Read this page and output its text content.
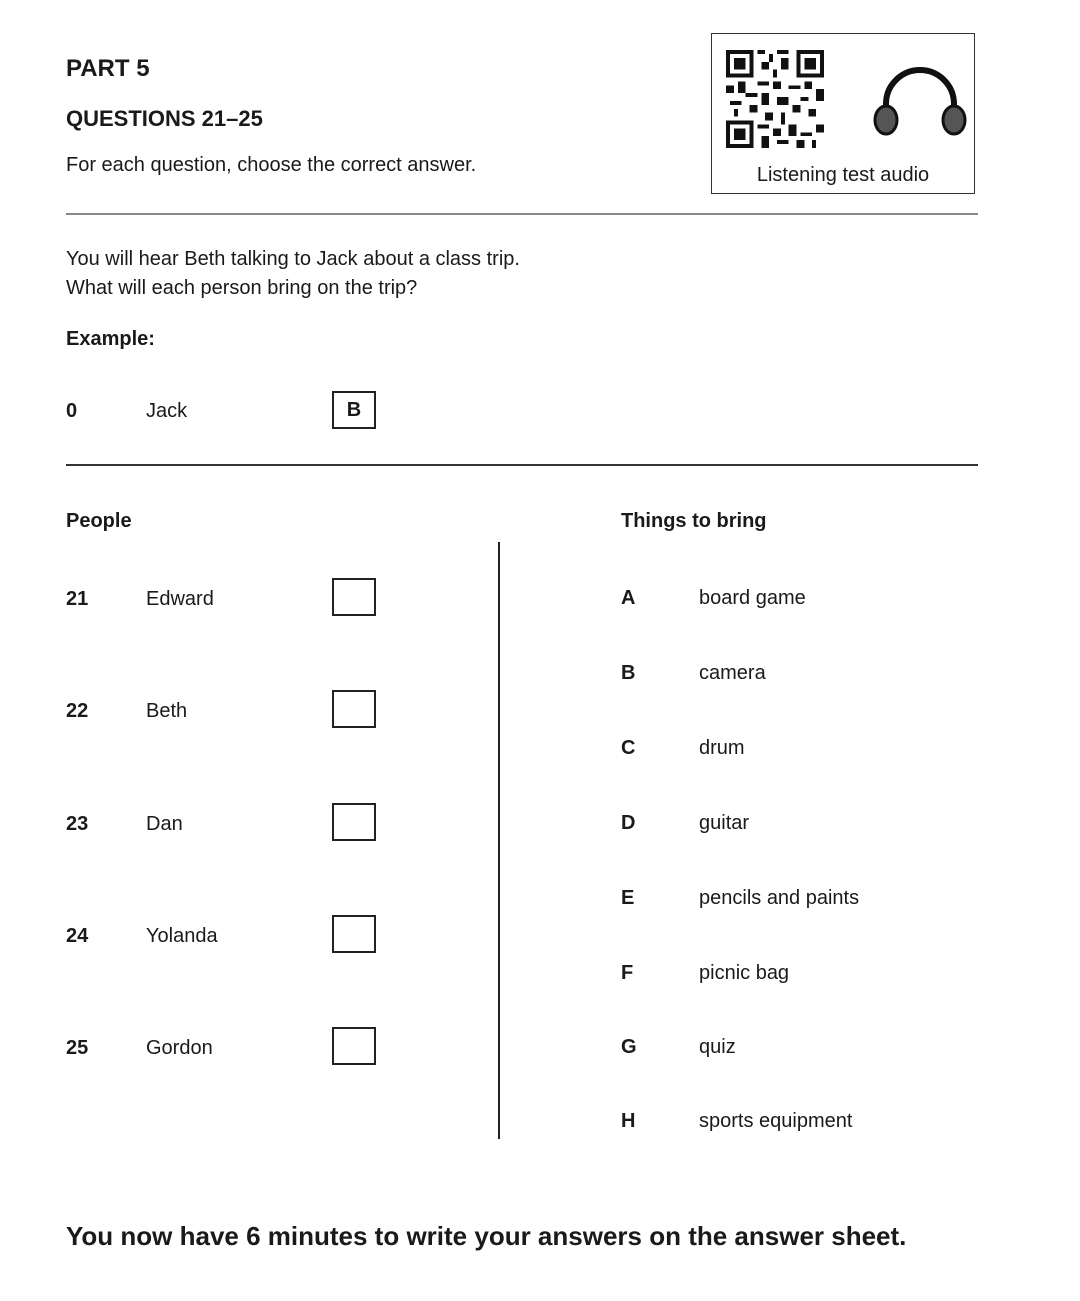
PART 5
QUESTIONS 21–25
For each question, choose the correct answer.	Listening test audio
You will hear Beth talking to Jack about a class trip.
What will each person bring on the trip?
Example:
0	Jack	B
People	Things to bring
21	Edward
22	Beth
23	Dan
24	Yolanda
25	Gordon
A	board game
B	camera
C	drum
D	guitar
E	pencils and paints
F	picnic bag
G	quiz
H	sports equipment
You now have 6 minutes to write your answers on the answer sheet.
